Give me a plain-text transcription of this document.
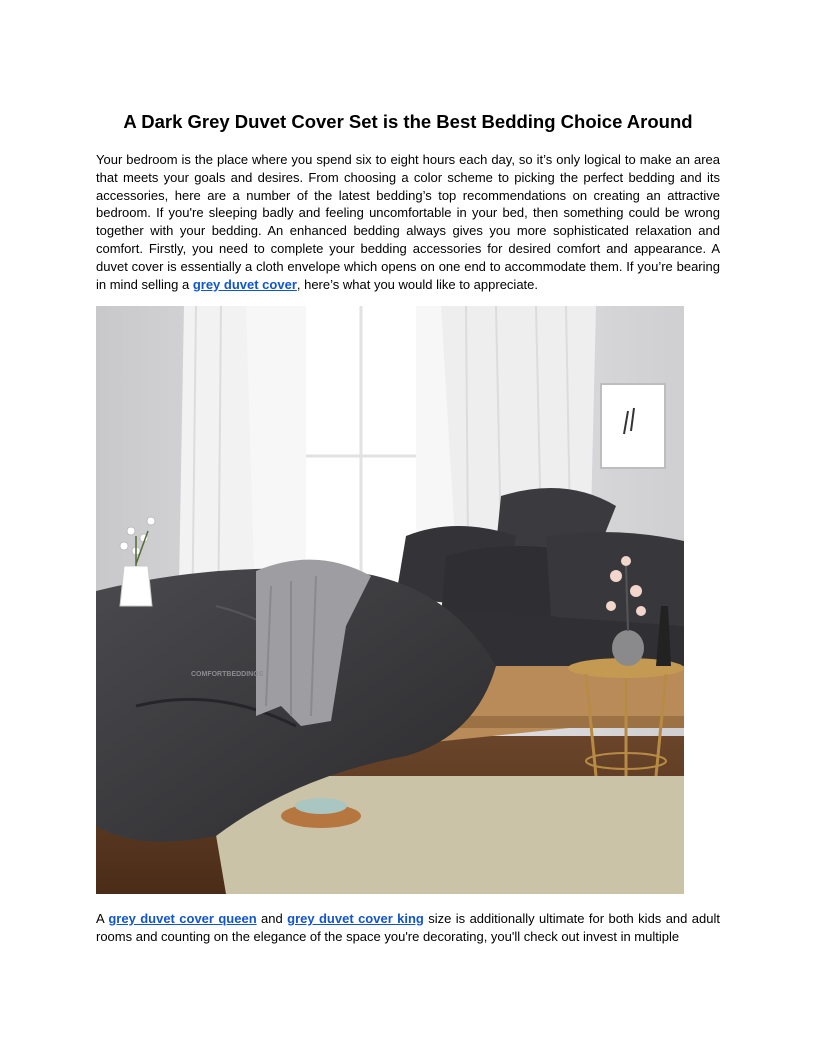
A Dark Grey Duvet Cover Set is the Best Bedding Choice Around

Your bedroom is the place where you spend six to eight hours each day, so it’s only logical to make an area that meets your goals and desires. From choosing a color scheme to picking the perfect bedding and its accessories, here are a number of the latest bedding’s top recommendations on creating an attractive bedroom. If you're sleeping badly and feeling uncomfortable in your bed, then something could be wrong together with your bedding. An enhanced bedding always gives you more sophisticated relaxation and comfort. Firstly, you need to complete your bedding accessories for desired comfort and appearance. A duvet cover is essentially a cloth envelope which opens on one end to accommodate them. If you’re bearing in mind selling a grey duvet cover, here’s what you would like to appreciate.

COMFORTBEDDINGS

A grey duvet cover queen and grey duvet cover king size is additionally ultimate for both kids and adult rooms and counting on the elegance of the space you're decorating, you'll check out invest in multiple
